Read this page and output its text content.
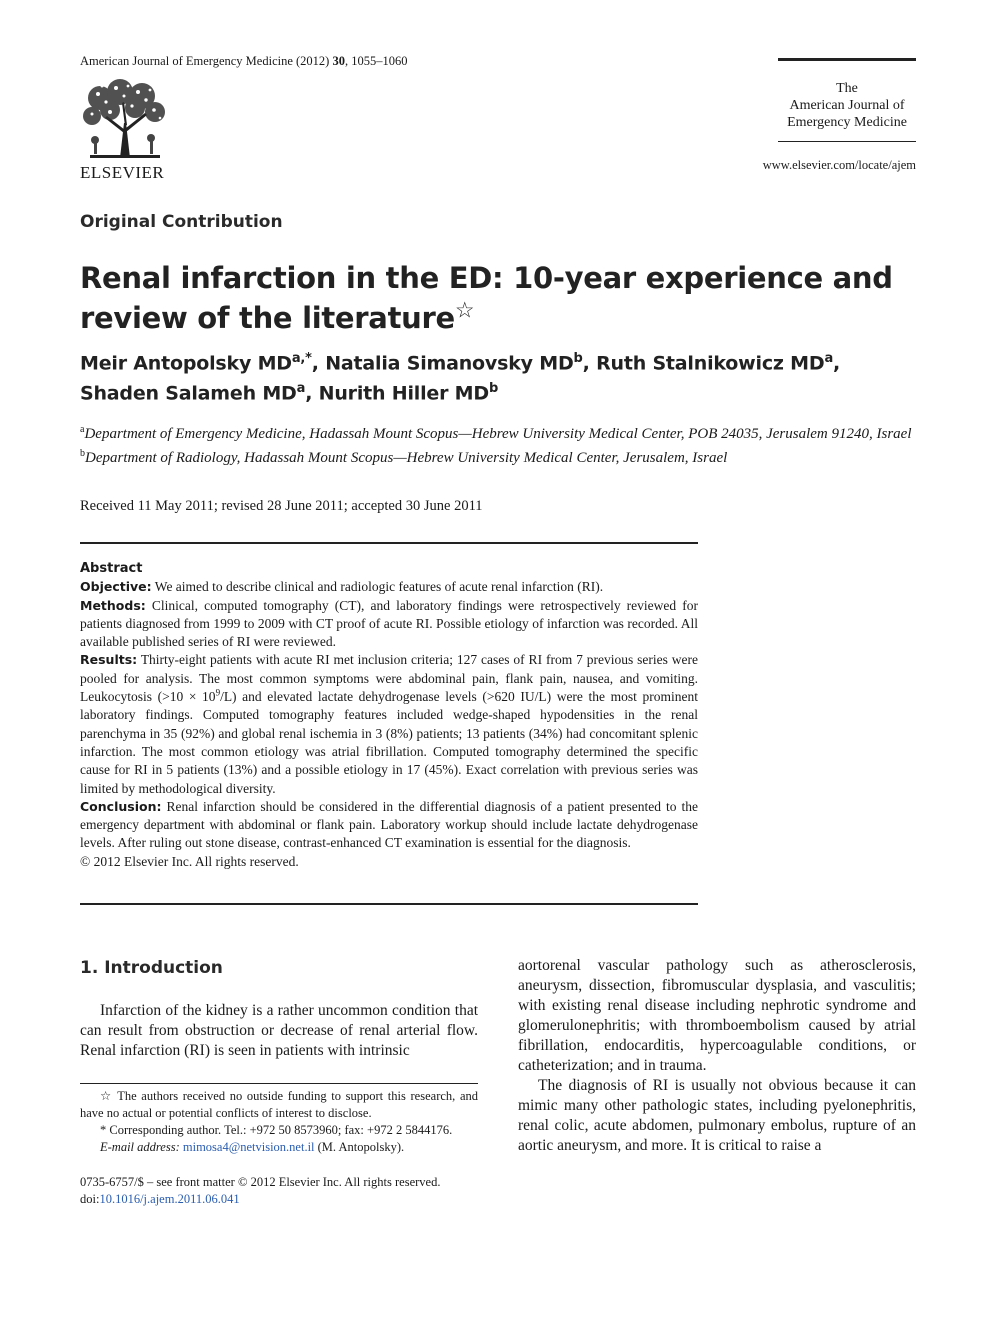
American Journal of Emergency Medicine (2012) 30, 1055–1060
ELSEVIER
The
American Journal of
Emergency Medicine
www.elsevier.com/locate/ajem
Original Contribution
Renal infarction in the ED: 10-year experience and review of the literature☆
Meir Antopolsky $MD^{a,*}$, Natalia Simanovsky $MD^b$, Ruth Stalnikowicz $MD^a$,
Shaden Salameh $MD^a$, Nurith Hiller $MD^b$
$^a$Department of Emergency Medicine, Hadassah Mount Scopus—Hebrew University Medical Center, POB 24035, Jerusalem 91240, Israel
$^b$Department of Radiology, Hadassah Mount Scopus—Hebrew University Medical Center, Jerusalem, Israel
Received 11 May 2011; revised 28 June 2011; accepted 30 June 2011
Abstract

Objective: We aimed to describe clinical and radiologic features of acute renal infarction (RI).

Methods: Clinical, computed tomography (CT), and laboratory findings were retrospectively reviewed for patients diagnosed from 1999 to 2009 with CT proof of acute RI. Possible etiology of infarction was recorded. All available published series of RI were reviewed.

Results: Thirty-eight patients with acute RI met inclusion criteria; 127 cases of RI from 7 previous series were pooled for analysis. The most common symptoms were abdominal pain, flank pain, nausea, and vomiting. Leukocytosis $(>10 \times 10^9/L)$ and elevated lactate dehydrogenase levels (>620 IU/L) were the most prominent laboratory findings. Computed tomography features included wedge-shaped hypodensities in the renal parenchyma in 35 (92%) and global renal ischemia in 3 (8%) patients; 13 patients (34%) had concomitant splenic infarction. The most common etiology was atrial fibrillation. Computed tomography determined the specific cause for RI in 5 patients (13%) and a possible etiology in 17 (45%). Exact correlation with previous series was limited by methodological diversity.

Conclusion: Renal infarction should be considered in the differential diagnosis of a patient presented to the emergency department with abdominal or flank pain. Laboratory workup should include lactate dehydrogenase levels. After ruling out stone disease, contrast-enhanced CT examination is essential for the diagnosis.

© 2012 Elsevier Inc. All rights reserved.

1. Introduction
Infarction of the kidney is a rather uncommon condition that can result from obstruction or decrease of renal arterial flow. Renal infarction (RI) is seen in patients with intrinsic

☆ The authors received no outside funding to support this research, and have no actual or potential conflicts of interest to disclose.

* Corresponding author. Tel.: +972 50 8573960; fax: +972 2 5844176.

E-mail address: mimosa4@netvision.net.il (M. Antopolsky).

0735-6757/$ – see front matter © 2012 Elsevier Inc. All rights reserved.
doi:10.1016/j.ajem.2011.06.041

aortorenal vascular pathology such as atherosclerosis, aneurysm, dissection, fibromuscular dysplasia, and vasculitis; with existing renal disease including nephrotic syndrome and glomerulonephritis; with thromboembolism caused by atrial fibrillation, endocarditis, hypercoagulable conditions, or catheterization; and in trauma.

The diagnosis of RI is usually not obvious because it can mimic many other pathologic states, including pyelonephritis, renal colic, acute abdomen, pulmonary embolus, rupture of an aortic aneurysm, and more. It is critical to raise a
